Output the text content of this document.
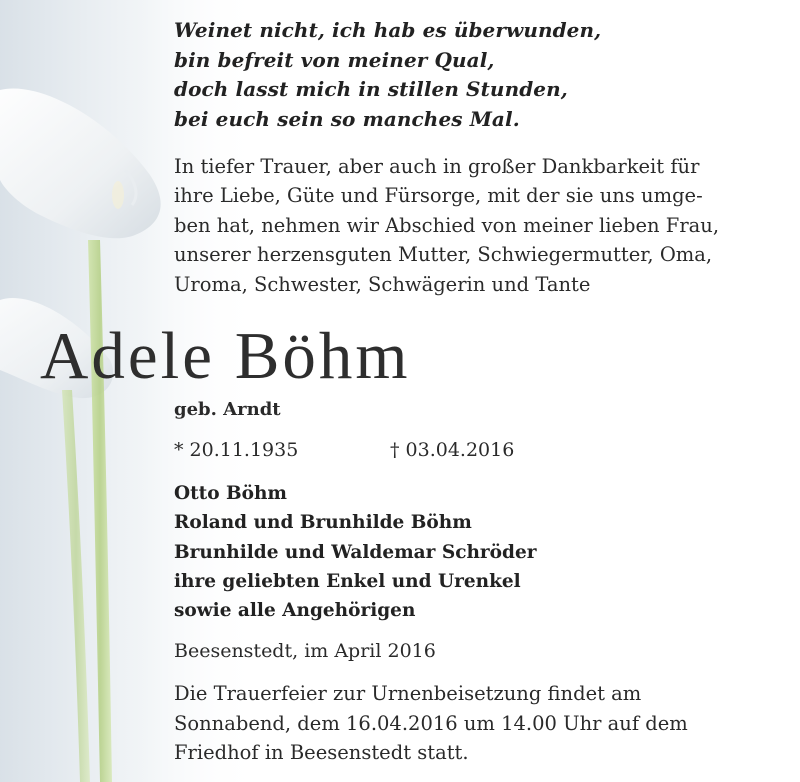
Weinet nicht, ich hab es überwunden,
bin befreit von meiner Qual,
doch lasst mich in stillen Stunden,
bei euch sein so manches Mal.
In tiefer Trauer, aber auch in großer Dankbarkeit für
ihre Liebe, Güte und Fürsorge, mit der sie uns umge-
ben hat, nehmen wir Abschied von meiner lieben Frau,
unserer herzensguten Mutter, Schwiegermutter, Oma,
Uroma, Schwester, Schwägerin und Tante
Adele Böhm
geb. Arndt
* 20.11.1935	† 03.04.2016
Otto Böhm
Roland und Brunhilde Böhm
Brunhilde und Waldemar Schröder
ihre geliebten Enkel und Urenkel
sowie alle Angehörigen
Beesenstedt, im April 2016
Die Trauerfeier zur Urnenbeisetzung findet am
Sonnabend, dem 16.04.2016 um 14.00 Uhr auf dem
Friedhof in Beesenstedt statt.
